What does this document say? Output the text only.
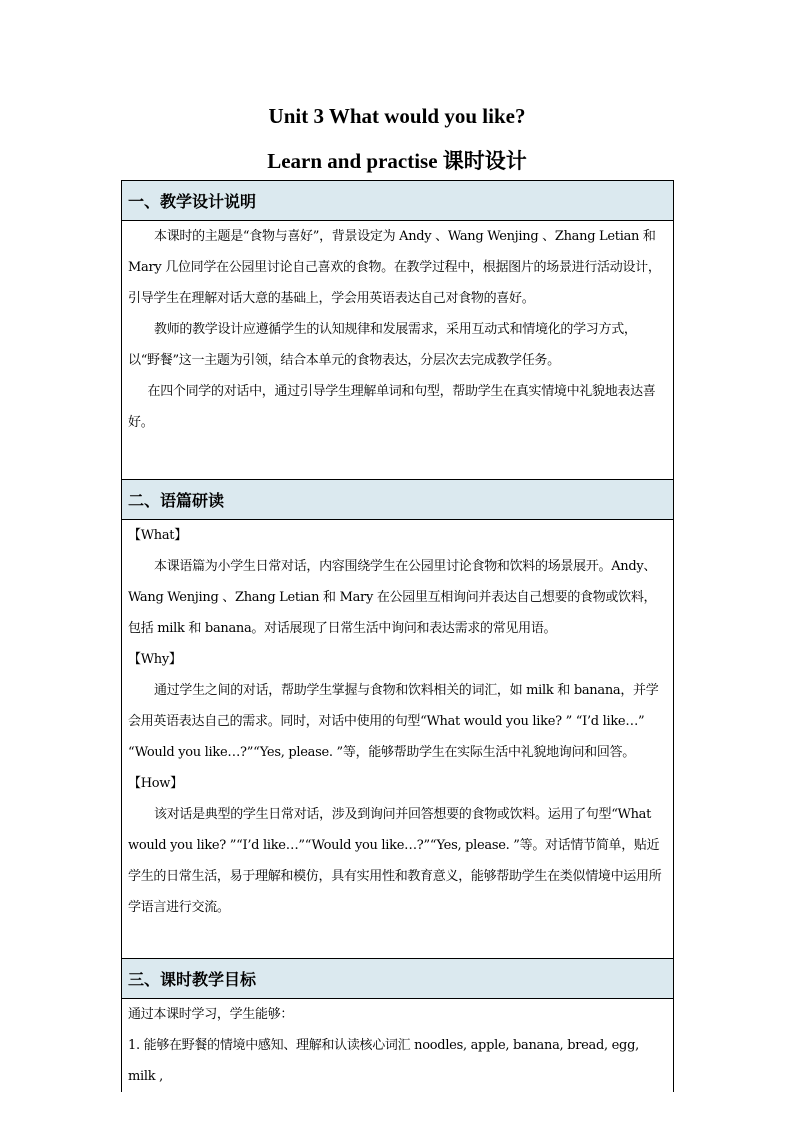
Unit 3 What would you like?
Learn and practise 课时设计
一、教学设计说明

本课时的主题是“食物与喜好”，背景设定为 Andy 、Wang Wenjing 、Zhang Letian 和 Mary 几位同学在公园里讨论自己喜欢的食物。在教学过程中，根据图片的场景进行活动设计，引导学生在理解对话大意的基础上，学会用英语表达自己对食物的喜好。

教师的教学设计应遵循学生的认知规律和发展需求，采用互动式和情境化的学习方式，以“野餐”这一主题为引领，结合本单元的食物表达，分层次去完成教学任务。

在四个同学的对话中，通过引导学生理解单词和句型，帮助学生在真实情境中礼貌地表达喜好。

二、语篇研读

【What】

本课语篇为小学生日常对话，内容围绕学生在公园里讨论食物和饮料的场景展开。Andy、Wang Wenjing 、Zhang Letian 和 Mary 在公园里互相询问并表达自己想要的食物或饮料，包括 milk 和 banana。对话展现了日常生活中询问和表达需求的常见用语。

【Why】

通过学生之间的对话，帮助学生掌握与食物和饮料相关的词汇，如 milk 和 banana，并学会用英语表达自己的需求。同时，对话中使用的句型“What would you like? ” “I’d like…” “Would you like…?”“Yes, please. ”等，能够帮助学生在实际生活中礼貌地询问和回答。

【How】

该对话是典型的学生日常对话，涉及到询问并回答想要的食物或饮料。运用了句型“What would you like? ”“I’d like…”“Would you like…?”“Yes, please. ”等。对话情节简单，贴近学生的日常生活，易于理解和模仿，具有实用性和教育意义，能够帮助学生在类似情境中运用所学语言进行交流。

三、课时教学目标

通过本课时学习，学生能够：

1. 能够在野餐的情境中感知、理解和认读核心词汇 noodles, apple, banana, bread, egg, milk ,
